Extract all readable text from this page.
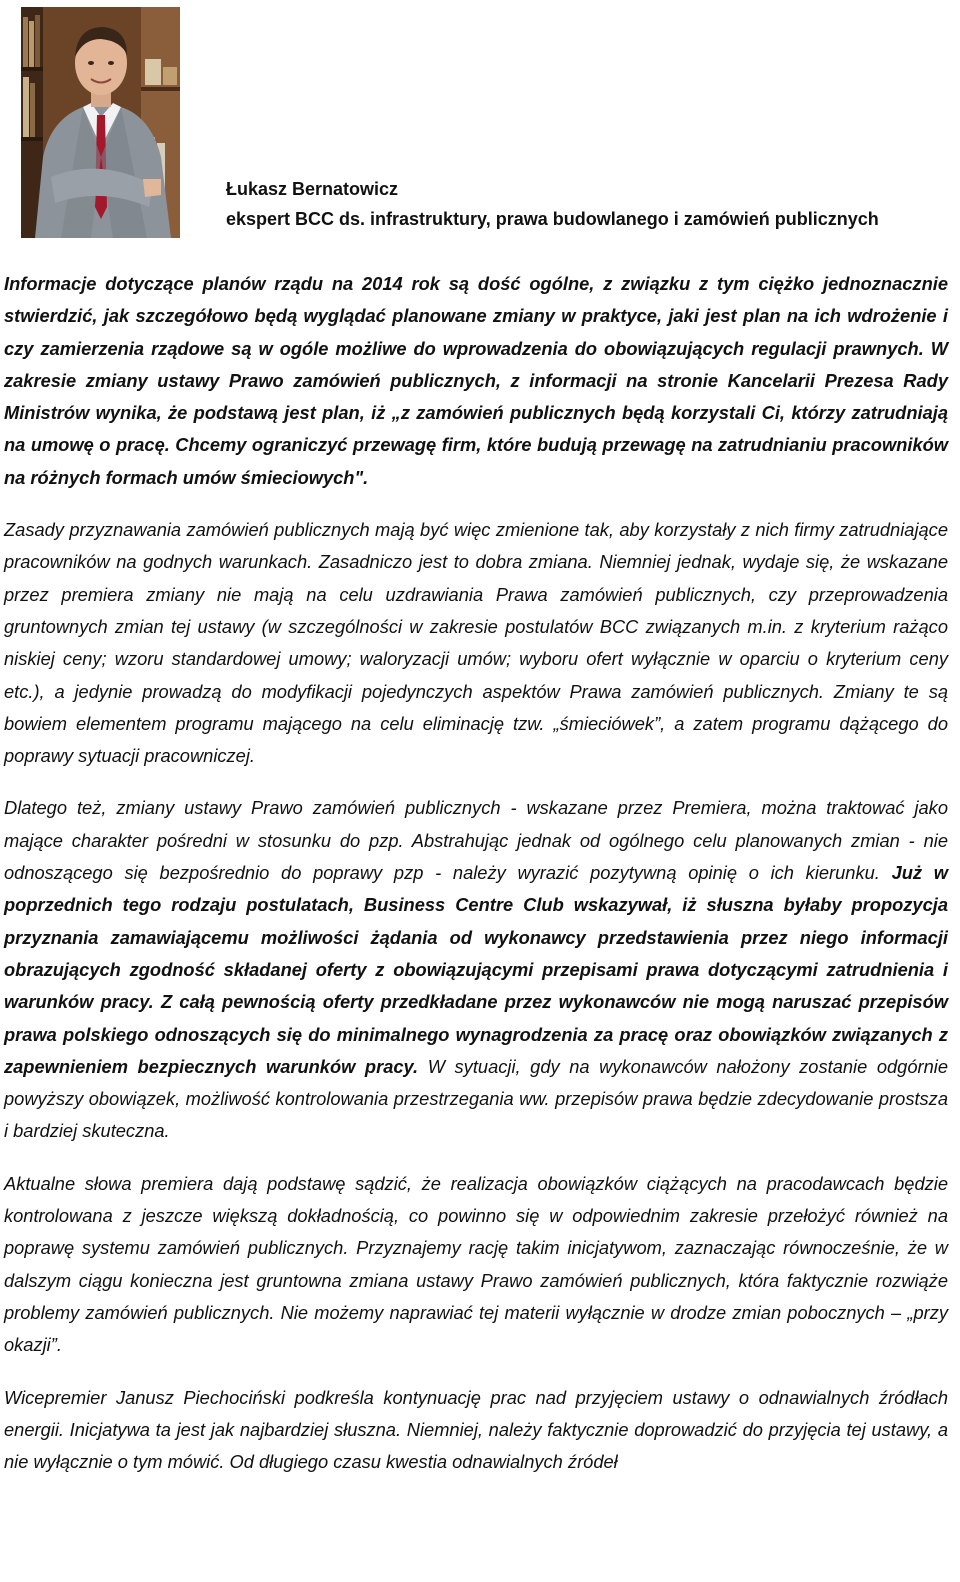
Łukasz Bernatowicz
ekspert BCC ds. infrastruktury, prawa budowlanego i zamówień publicznych

Informacje dotyczące planów rządu na 2014 rok są dość ogólne, z związku z tym ciężko jednoznacznie stwierdzić, jak szczegółowo będą wyglądać planowane zmiany w praktyce, jaki jest plan na ich wdrożenie i czy zamierzenia rządowe są w ogóle możliwe do wprowadzenia do obowiązujących regulacji prawnych. W zakresie zmiany ustawy Prawo zamówień publicznych, z informacji na stronie Kancelarii Prezesa Rady Ministrów wynika, że podstawą jest plan, iż „z zamówień publicznych będą korzystali Ci, którzy zatrudniają na umowę o pracę. Chcemy ograniczyć przewagę firm, które budują przewagę na zatrudnianiu pracowników na różnych formach umów śmieciowych".

Zasady przyznawania zamówień publicznych mają być więc zmienione tak, aby korzystały z nich firmy zatrudniające pracowników na godnych warunkach. Zasadniczo jest to dobra zmiana. Niemniej jednak, wydaje się, że wskazane przez premiera zmiany nie mają na celu uzdrawiania Prawa zamówień publicznych, czy przeprowadzenia gruntownych zmian tej ustawy (w szczególności w zakresie postulatów BCC związanych m.in. z kryterium rażąco niskiej ceny; wzoru standardowej umowy; waloryzacji umów; wyboru ofert wyłącznie w oparciu o kryterium ceny etc.), a jedynie prowadzą do modyfikacji pojedynczych aspektów Prawa zamówień publicznych. Zmiany te są bowiem elementem programu mającego na celu eliminację tzw. „śmieciówek”, a zatem programu dążącego do poprawy sytuacji pracowniczej.

Dlatego też, zmiany ustawy Prawo zamówień publicznych - wskazane przez Premiera, można traktować jako mające charakter pośredni w stosunku do pzp. Abstrahując jednak od ogólnego celu planowanych zmian - nie odnoszącego się bezpośrednio do poprawy pzp - należy wyrazić pozytywną opinię o ich kierunku. Już w poprzednich tego rodzaju postulatach, Business Centre Club wskazywał, iż słuszna byłaby propozycja przyznania zamawiającemu możliwości żądania od wykonawcy przedstawienia przez niego informacji obrazujących zgodność składanej oferty z obowiązującymi przepisami prawa dotyczącymi zatrudnienia i warunków pracy. Z całą pewnością oferty przedkładane przez wykonawców nie mogą naruszać przepisów prawa polskiego odnoszących się do minimalnego wynagrodzenia za pracę oraz obowiązków związanych z zapewnieniem bezpiecznych warunków pracy. W sytuacji, gdy na wykonawców nałożony zostanie odgórnie powyższy obowiązek, możliwość kontrolowania przestrzegania ww. przepisów prawa będzie zdecydowanie prostsza i bardziej skuteczna.

Aktualne słowa premiera dają podstawę sądzić, że realizacja obowiązków ciążących na pracodawcach będzie kontrolowana z jeszcze większą dokładnością, co powinno się w odpowiednim zakresie przełożyć również na poprawę systemu zamówień publicznych. Przyznajemy rację takim inicjatywom, zaznaczając równocześnie, że w dalszym ciągu konieczna jest gruntowna zmiana ustawy Prawo zamówień publicznych, która faktycznie rozwiąże problemy zamówień publicznych. Nie możemy naprawiać tej materii wyłącznie w drodze zmian pobocznych – „przy okazji”.

Wicepremier Janusz Piechociński podkreśla kontynuację prac nad przyjęciem ustawy o odnawialnych źródłach energii. Inicjatywa ta jest jak najbardziej słuszna. Niemniej, należy faktycznie doprowadzić do przyjęcia tej ustawy, a nie wyłącznie o tym mówić. Od długiego czasu kwestia odnawialnych źródeł
